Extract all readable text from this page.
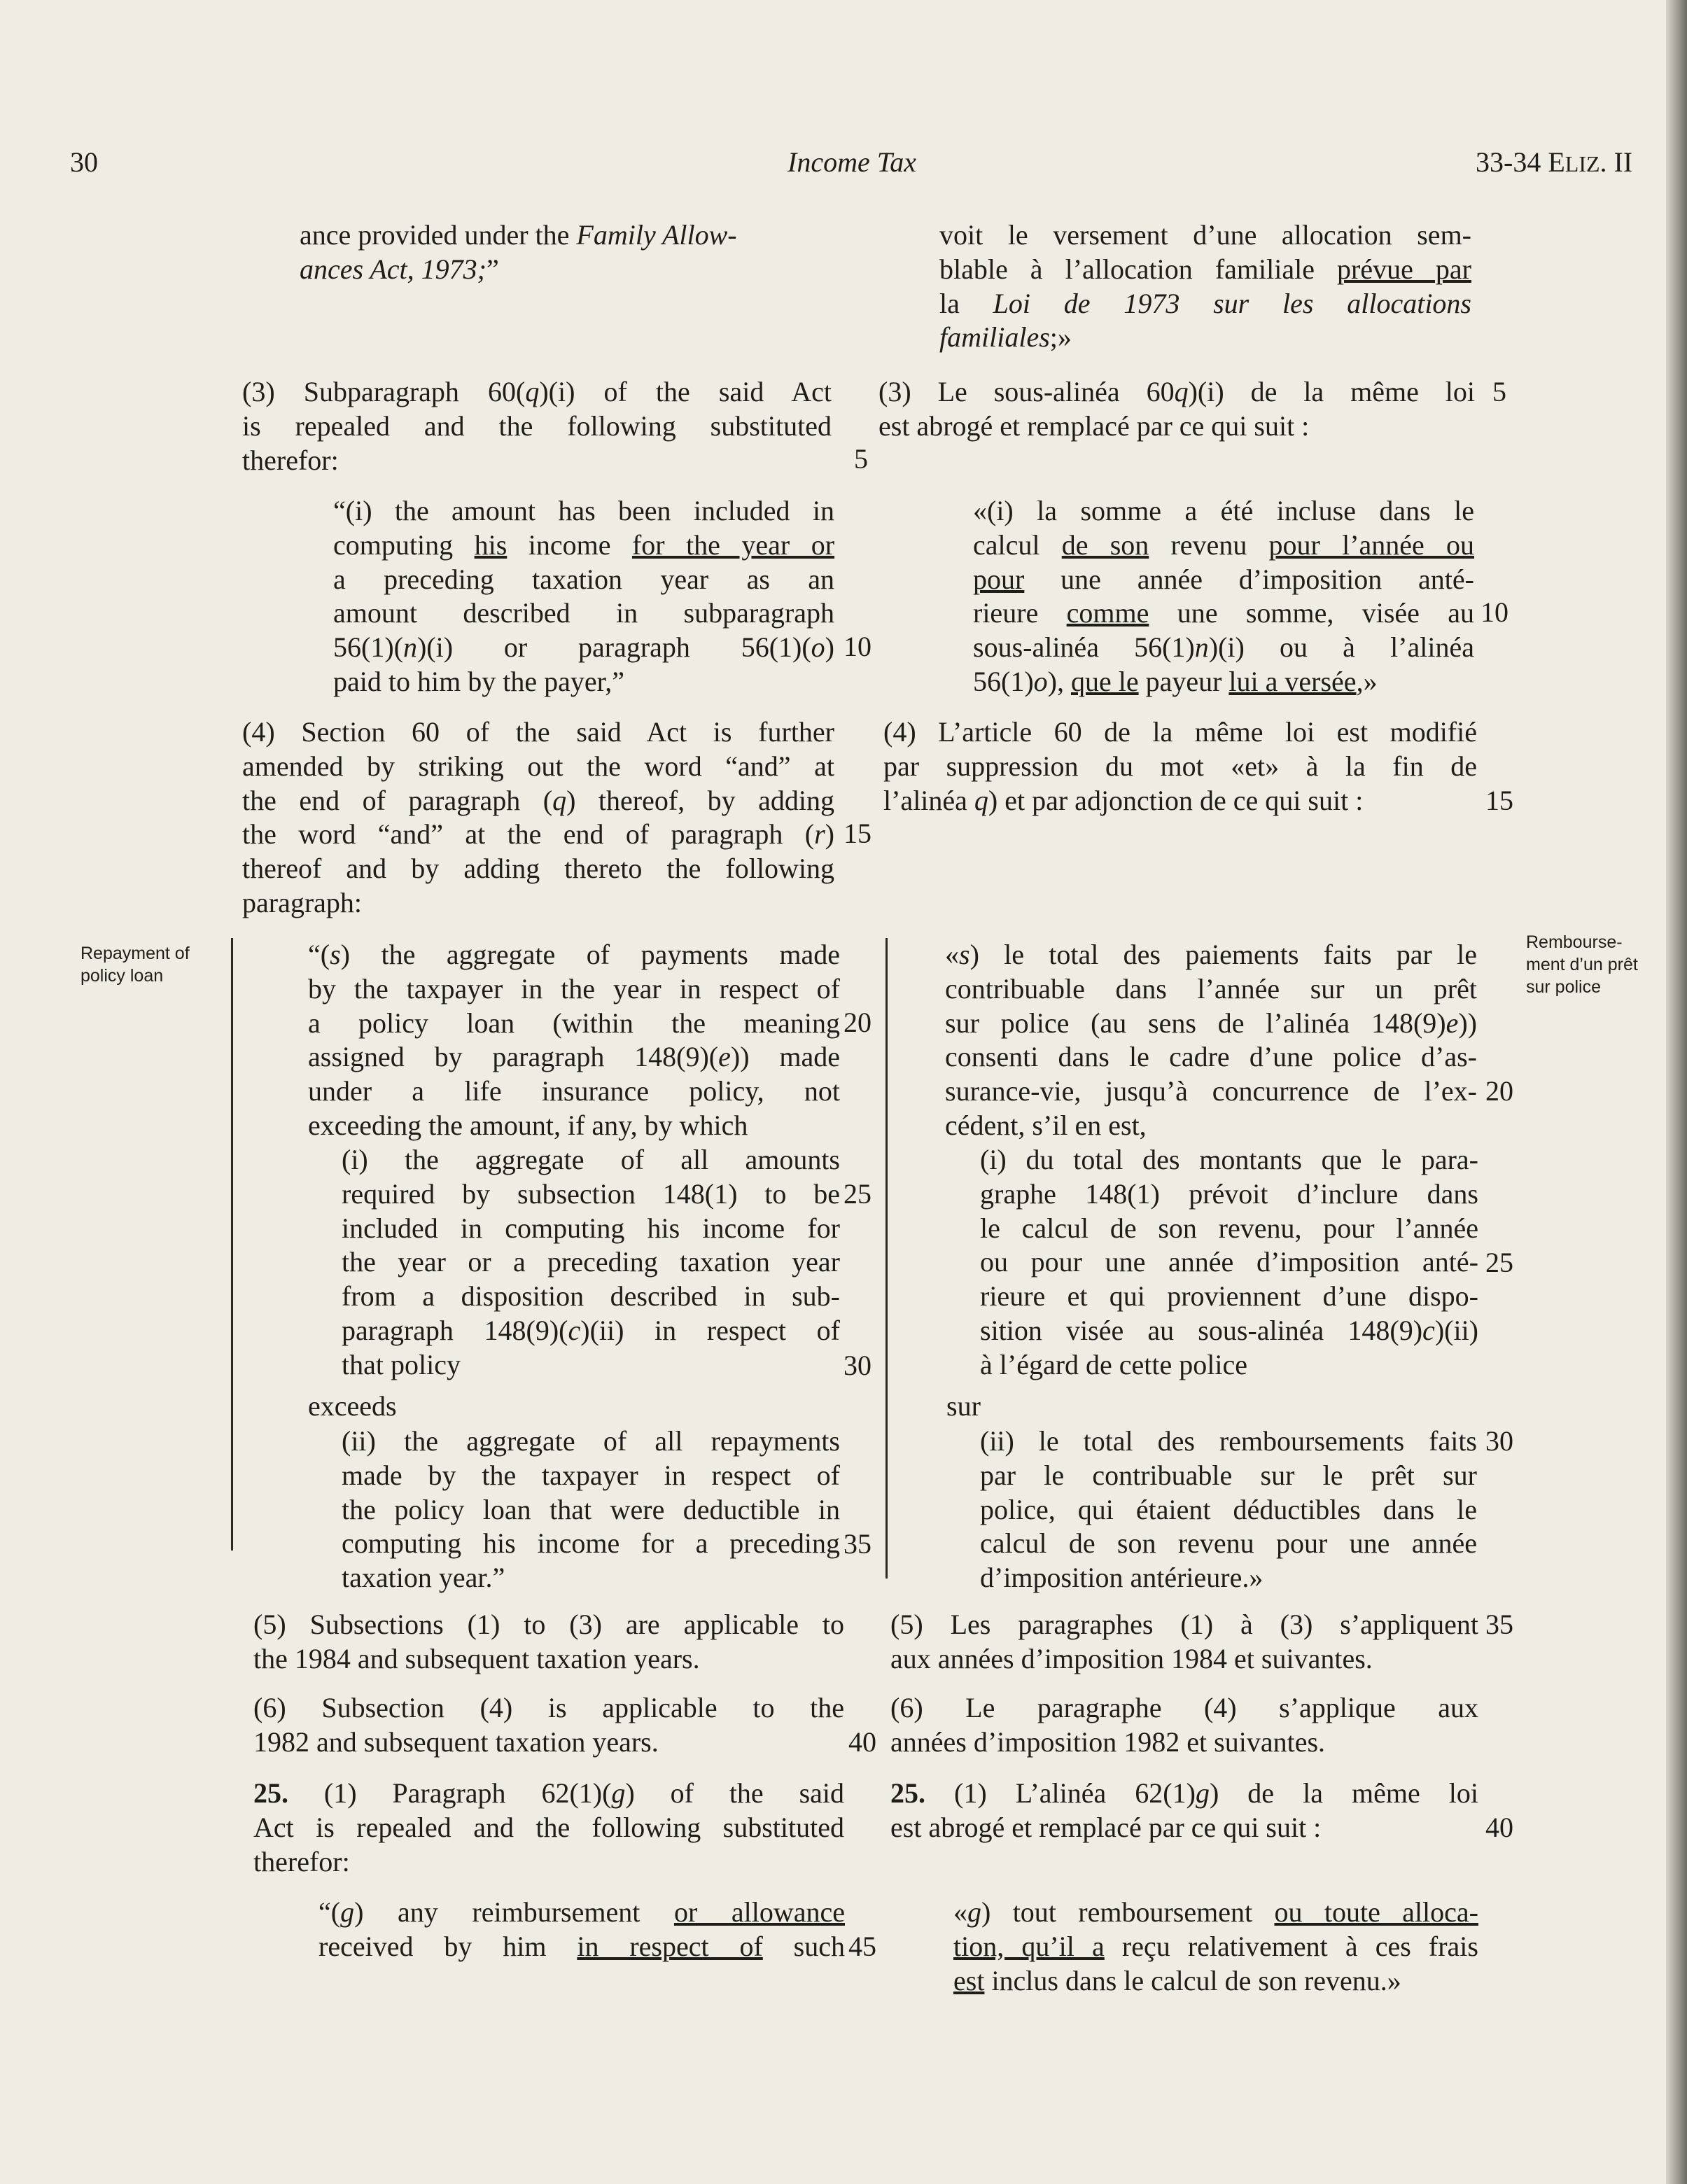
30	Income Tax	33-34 ELIZ. II
Repayment of
policy loan
Rembourse-
ment d’un prêt
sur police
ance provided under the Family Allow-
ances Act, 1973;”
(3) Subparagraph 60(q)(i) of the said Act
is repealed and the following substituted
therefor:
“(i) the amount has been included in
computing his income for the year or
a preceding taxation year as an
amount described in subparagraph
56(1)(n)(i) or paragraph 56(1)(o)
paid to him by the payer,”
(4) Section 60 of the said Act is further
amended by striking out the word “and” at
the end of paragraph (q) thereof, by adding
the word “and” at the end of paragraph (r)
thereof and by adding thereto the following
paragraph:
“(s) the aggregate of payments made
by the taxpayer in the year in respect of
a policy loan (within the meaning
assigned by paragraph 148(9)(e)) made
under a life insurance policy, not
exceeding the amount, if any, by which
(i) the aggregate of all amounts
required by subsection 148(1) to be
included in computing his income for
the year or a preceding taxation year
from a disposition described in sub-
paragraph 148(9)(c)(ii) in respect of
that policy
exceeds
(ii) the aggregate of all repayments
made by the taxpayer in respect of
the policy loan that were deductible in
computing his income for a preceding
taxation year.”
(5) Subsections (1) to (3) are applicable to
the 1984 and subsequent taxation years.
(6) Subsection (4) is applicable to the
1982 and subsequent taxation years.
25. (1) Paragraph 62(1)(g) of the said
Act is repealed and the following substituted
therefor:
“(g) any reimbursement or allowance
received by him in respect of such
5
10
15
20
25
30
35
40
45
voit le versement d’une allocation sem-
blable à l’allocation familiale prévue par
la Loi de 1973 sur les allocations
familiales;»
(3) Le sous-alinéa 60q)(i) de la même loi
est abrogé et remplacé par ce qui suit :
«(i) la somme a été incluse dans le
calcul de son revenu pour l’année ou
pour une année d’imposition anté-
rieure comme une somme, visée au
sous-alinéa 56(1)n)(i) ou à l’alinéa
56(1)o), que le payeur lui a versée,»
(4) L’article 60 de la même loi est modifié
par suppression du mot «et» à la fin de
l’alinéa q) et par adjonction de ce qui suit :
«s) le total des paiements faits par le
contribuable dans l’année sur un prêt
sur police (au sens de l’alinéa 148(9)e))
consenti dans le cadre d’une police d’as-
surance-vie, jusqu’à concurrence de l’ex-
cédent, s’il en est,
(i) du total des montants que le para-
graphe 148(1) prévoit d’inclure dans
le calcul de son revenu, pour l’année
ou pour une année d’imposition anté-
rieure et qui proviennent d’une dispo-
sition visée au sous-alinéa 148(9)c)(ii)
à l’égard de cette police
sur
(ii) le total des remboursements faits
par le contribuable sur le prêt sur
police, qui étaient déductibles dans le
calcul de son revenu pour une année
d’imposition antérieure.»
(5) Les paragraphes (1) à (3) s’appliquent
aux années d’imposition 1984 et suivantes.
(6) Le paragraphe (4) s’applique aux
années d’imposition 1982 et suivantes.
25. (1) L’alinéa 62(1)g) de la même loi
est abrogé et remplacé par ce qui suit :
«g) tout remboursement ou toute alloca-
tion, qu’il a reçu relativement à ces frais
est inclus dans le calcul de son revenu.»
5
10
15
20
25
30
35
40
